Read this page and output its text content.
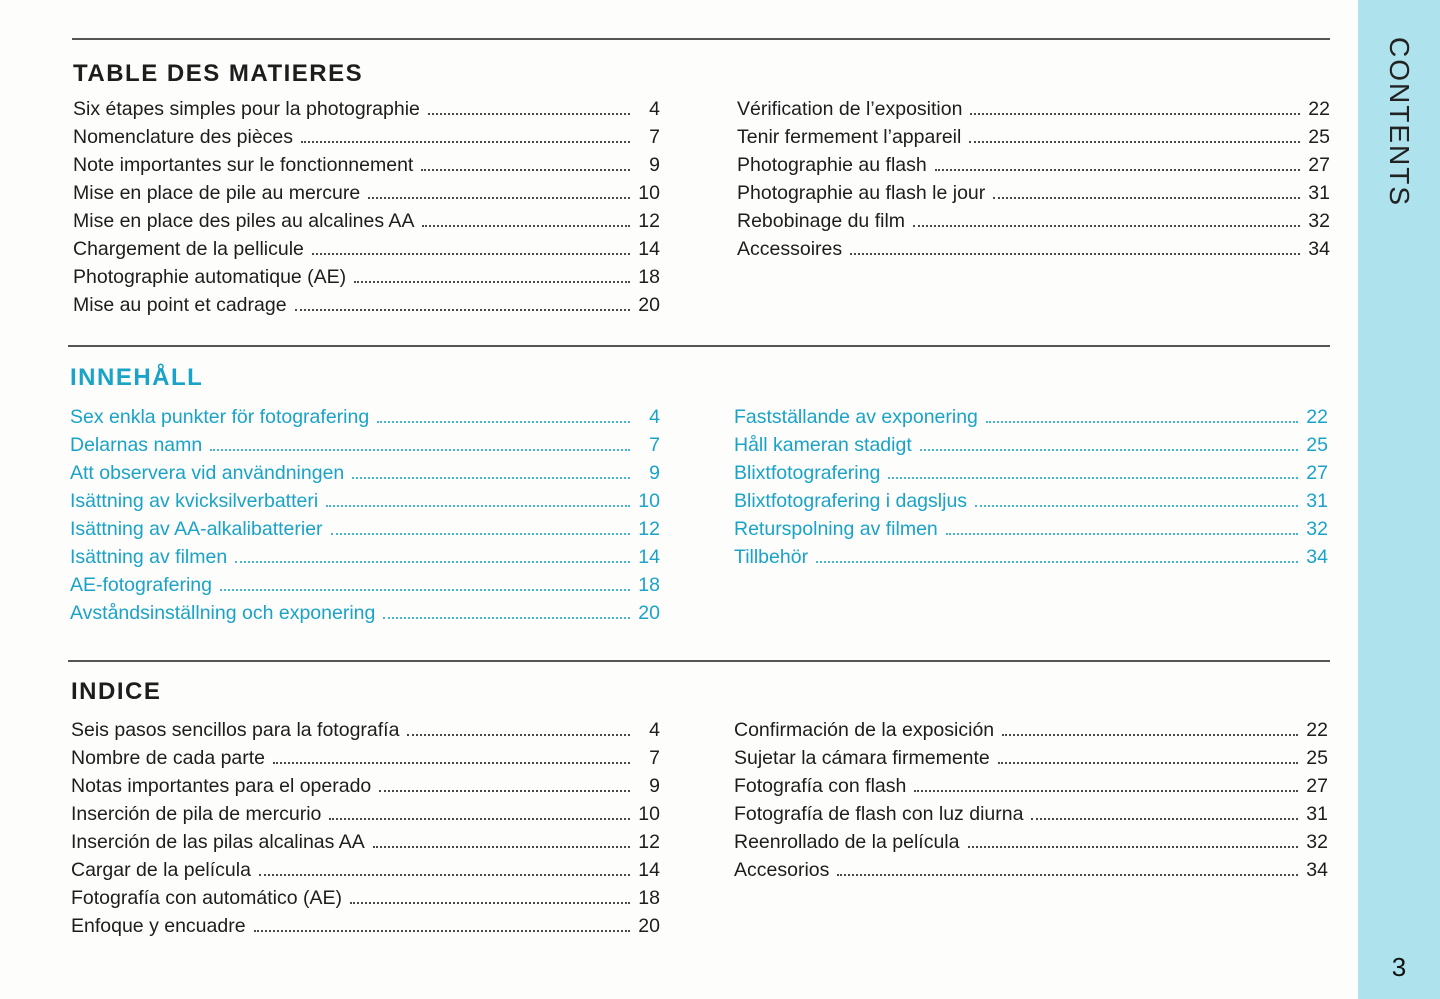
TABLE DES MATIERES
Six étapes simples pour la photographie	4
Nomenclature des pièces	7
Note importantes sur le fonctionnement	9
Mise en place de pile au mercure	10
Mise en place des piles au alcalines AA	12
Chargement de la pellicule	14
Photographie automatique (AE)	18
Mise au point et cadrage	20
Vérification de l’exposition	22
Tenir fermement l’appareil	25
Photographie au flash	27
Photographie au flash le jour	31
Rebobinage du film	32
Accessoires	34
INNEHÅLL
Sex enkla punkter för fotografering	4
Delarnas namn	7
Att observera vid användningen	9
Isättning av kvicksilverbatteri	10
Isättning av AA-alkalibatterier	12
Isättning av filmen	14
AE-fotografering	18
Avståndsinställning och exponering	20
Fastställande av exponering	22
Håll kameran stadigt	25
Blixtfotografering	27
Blixtfotografering i dagsljus	31
Returspolning av filmen	32
Tillbehör	34
INDICE
Seis pasos sencillos para la fotografía	4
Nombre de cada parte	7
Notas importantes para el operado	9
Inserción de pila de mercurio	10
Inserción de las pilas alcalinas AA	12
Cargar de la película	14
Fotografía con automático (AE)	18
Enfoque y encuadre	20
Confirmación de la exposición	22
Sujetar la cámara firmemente	25
Fotografía con flash	27
Fotografía de flash con luz diurna	31
Reenrollado de la película	32
Accesorios	34
CONTENTS
3
